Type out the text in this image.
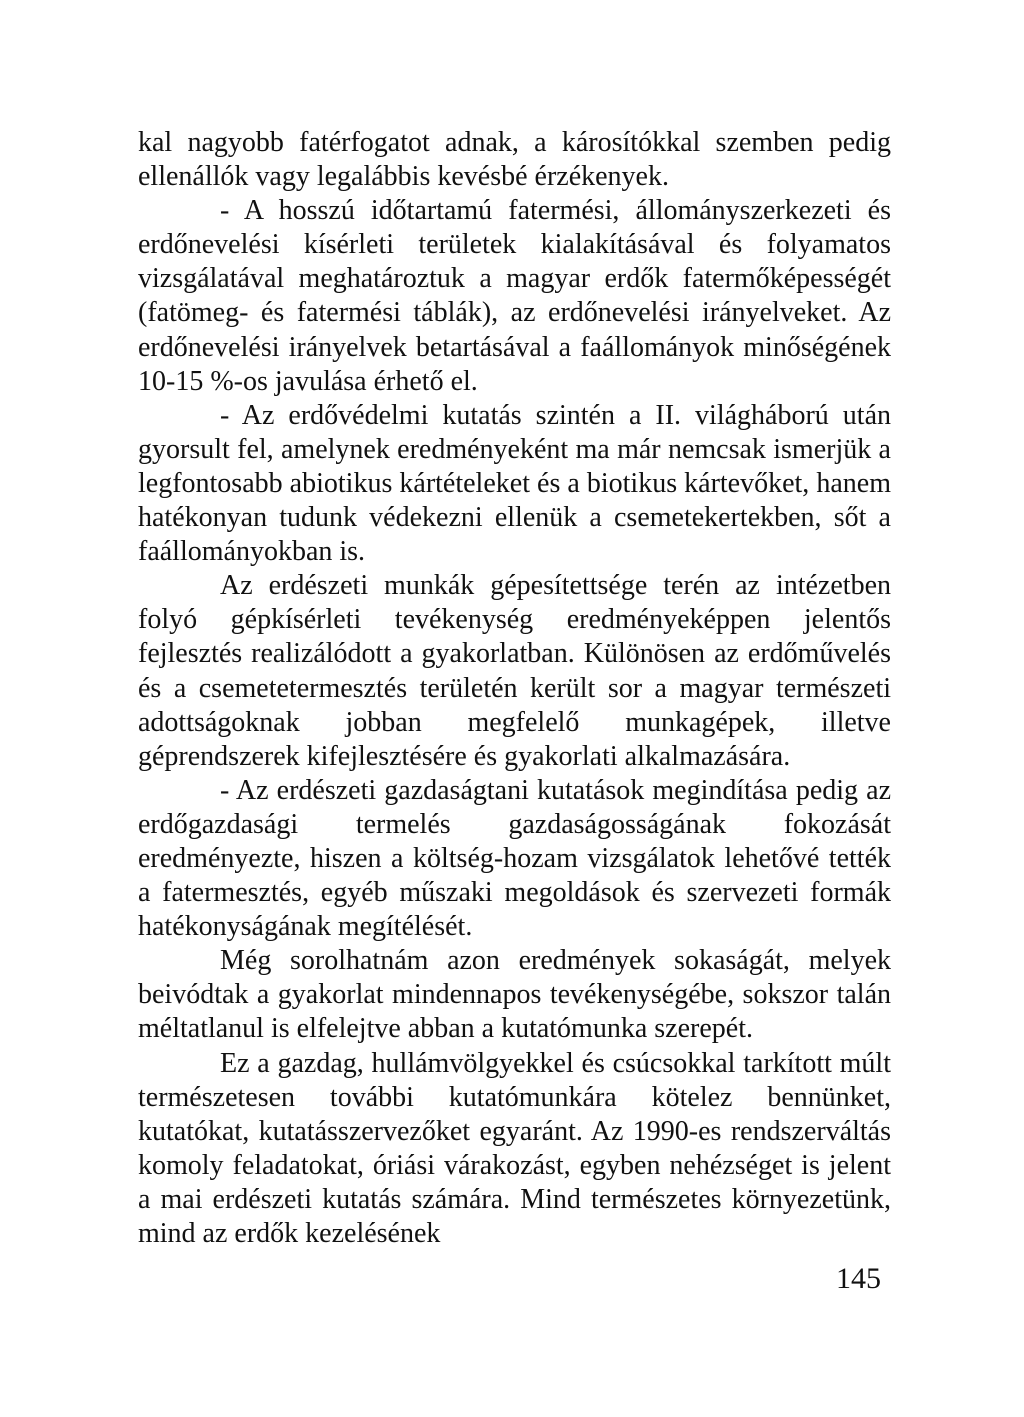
kal nagyobb fatérfogatot adnak, a károsítókkal szemben pedig ellenállók vagy legalábbis kevésbé érzékenyek.

- A hosszú időtartamú fatermési, állományszerkezeti és erdőnevelési kísérleti területek kialakításával és folyamatos vizsgálatával meghatároztuk a magyar erdők fatermőképességét (fatömeg- és fatermési táblák), az erdőnevelési irányelveket. Az erdőnevelési irányelvek betartásával a faállományok minőségének 10-15 %-os javulása érhető el.

- Az erdővédelmi kutatás szintén a II. világháború után gyorsult fel, amelynek eredményeként ma már nemcsak ismerjük a legfontosabb abiotikus kártételeket és a biotikus kártevőket, hanem hatékonyan tudunk védekezni ellenük a csemetekertekben, sőt a faállományokban is.

Az erdészeti munkák gépesítettsége terén az intézetben folyó gépkísérleti tevékenység eredményeképpen jelentős fejlesztés realizálódott a gyakorlatban. Különösen az erdőművelés és a csemetetermesztés területén került sor a magyar természeti adottságoknak jobban megfelelő munkagépek, illetve géprendszerek kifejlesztésére és gyakorlati alkalmazására.

- Az erdészeti gazdaságtani kutatások megindítása pedig az erdőgazdasági termelés gazdaságosságának fokozását eredményezte, hiszen a költség-hozam vizsgálatok lehetővé tették a fatermesztés, egyéb műszaki megoldások és szervezeti formák hatékonyságának megítélését.

Még sorolhatnám azon eredmények sokaságát, melyek beivódtak a gyakorlat mindennapos tevékenységébe, sokszor talán méltatlanul is elfelejtve abban a kutatómunka szerepét.

Ez a gazdag, hullámvölgyekkel és csúcsokkal tarkított múlt természetesen további kutatómunkára kötelez bennünket, kutatókat, kutatásszervezőket egyaránt. Az 1990-es rendszerváltás komoly feladatokat, óriási várakozást, egyben nehézséget is jelent a mai erdészeti kutatás számára. Mind természetes környezetünk, mind az erdők kezelésének

145
